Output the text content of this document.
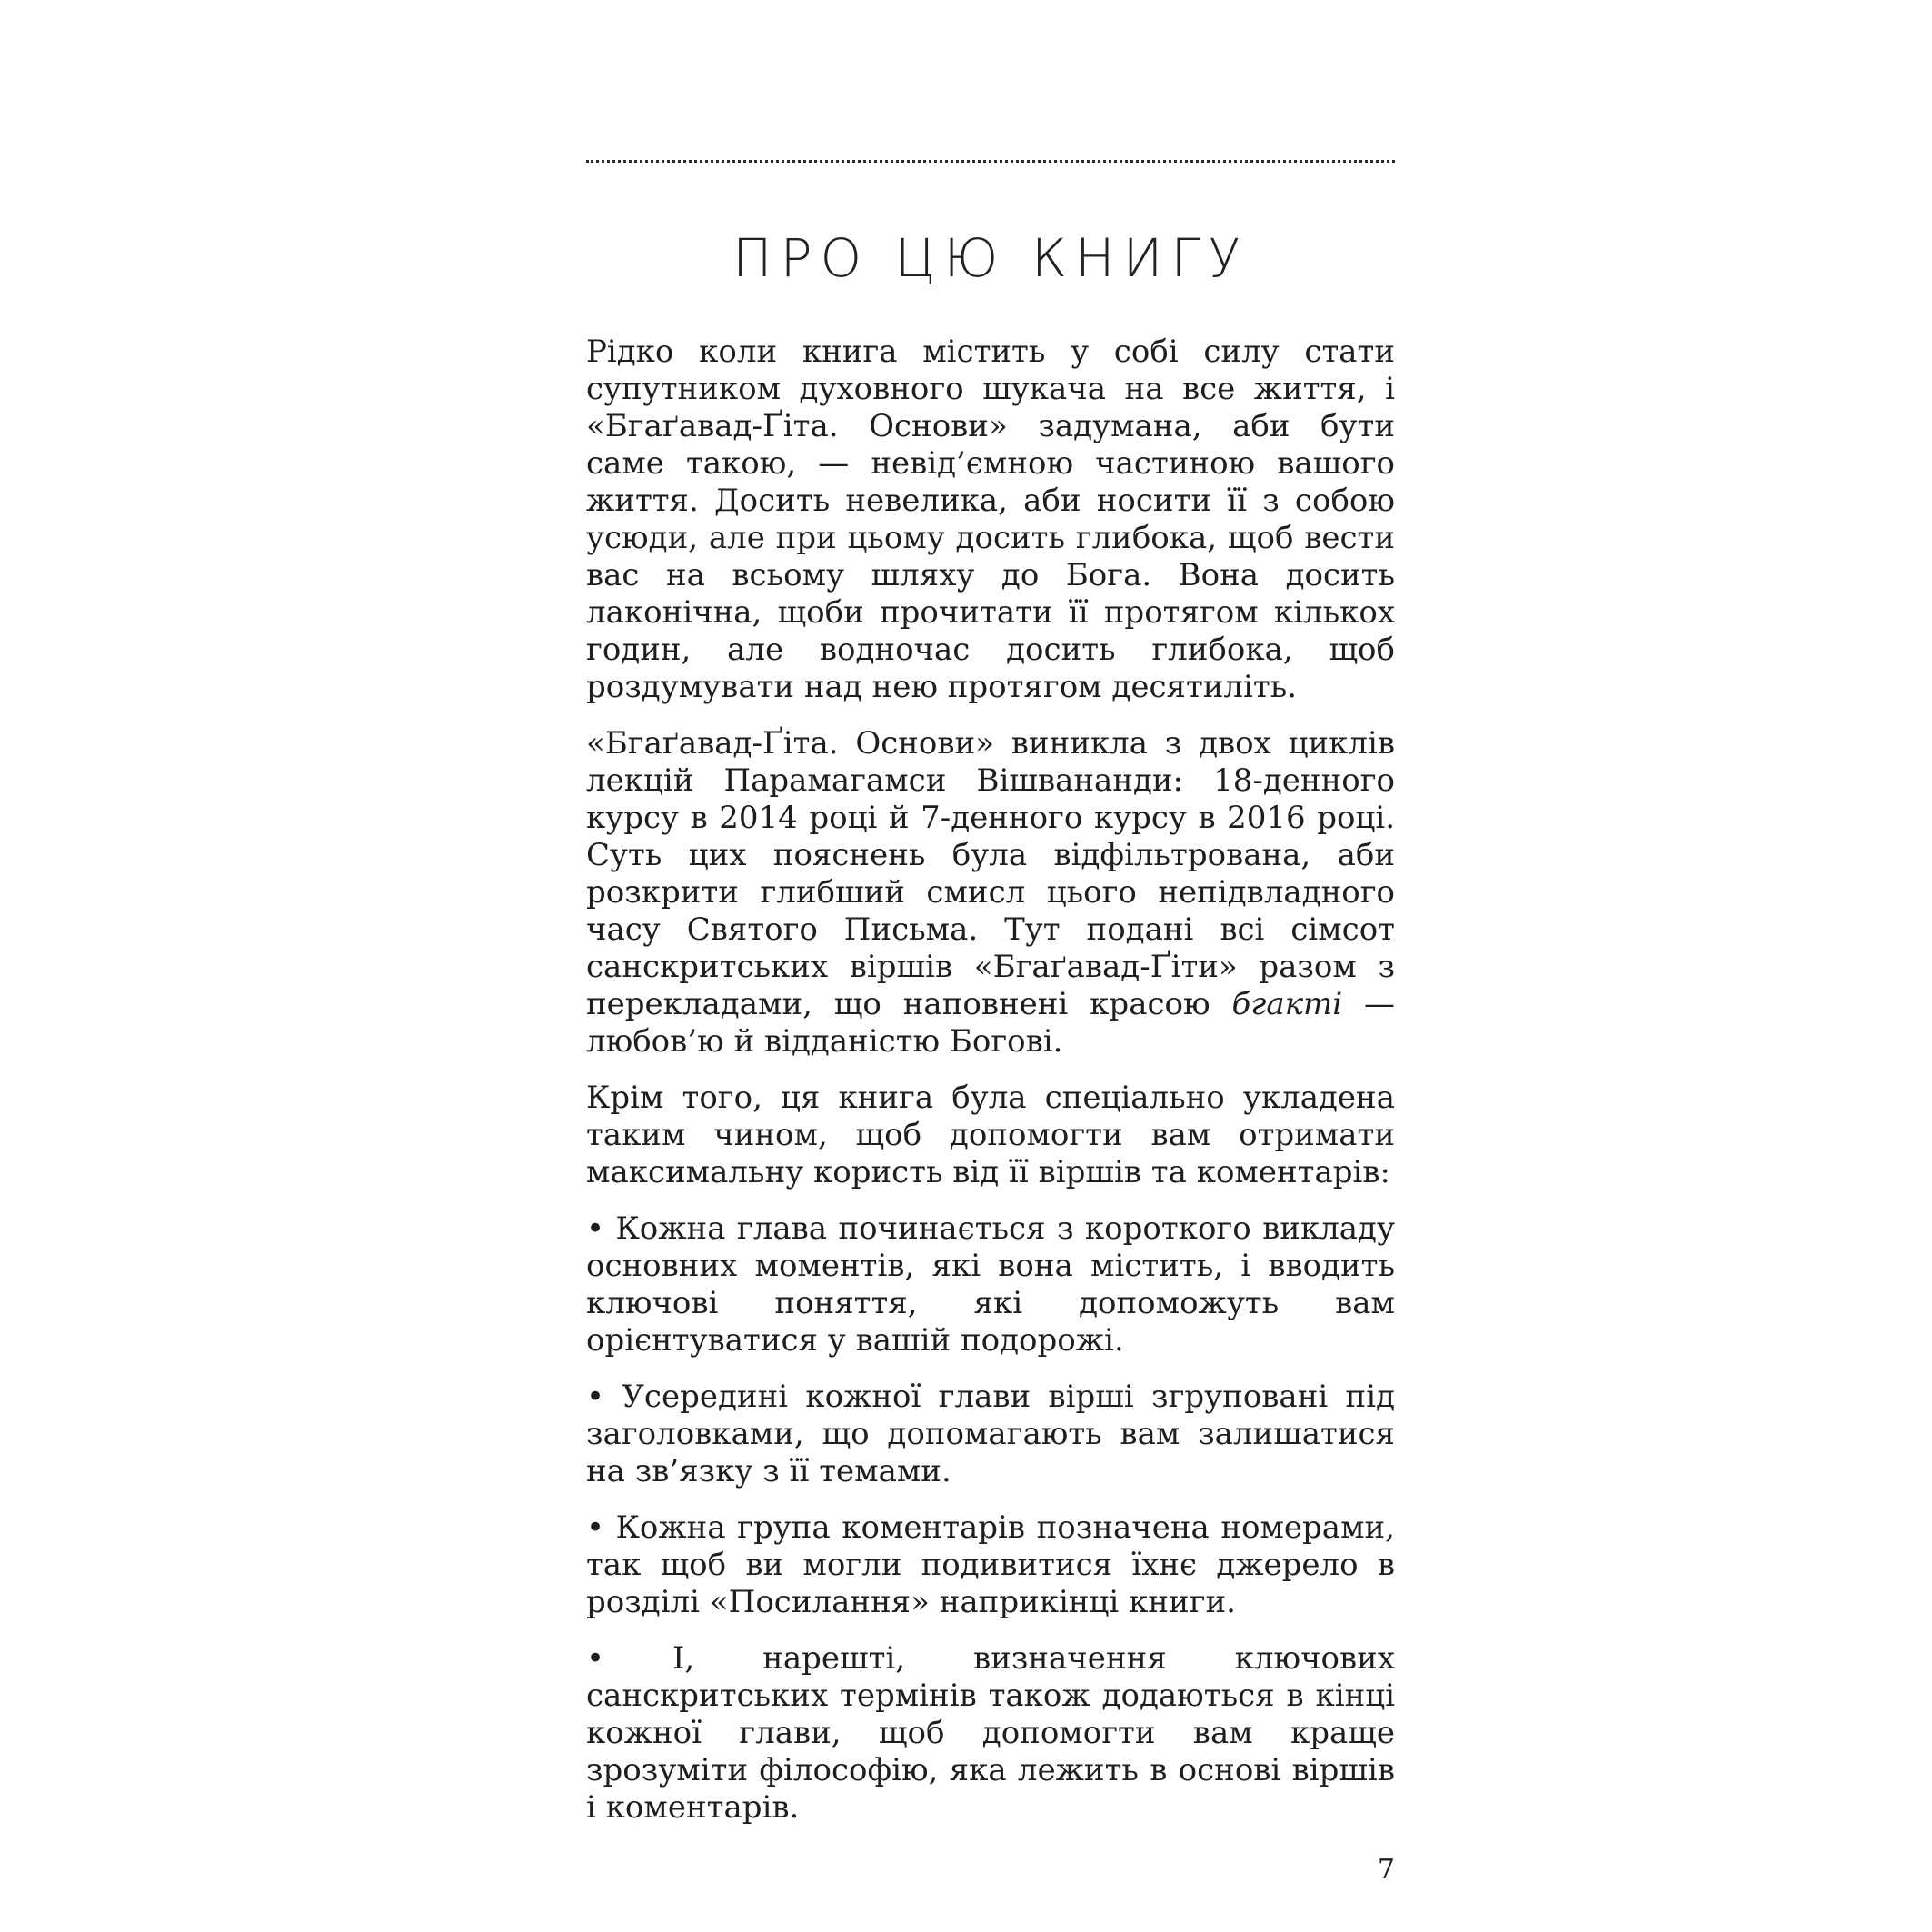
ПРО ЦЮ КНИГУ

Рідко коли книга містить у собі силу стати супутником духовного шукача на все життя, і «Бгаґавад-Ґіта. Основи» задумана, аби бути саме такою, — невід’ємною частиною вашого життя. Досить невелика, аби носити її з собою усюди, але при цьому досить глибока, щоб вести вас на всьому шляху до Бога. Вона досить лаконічна, щоби прочитати її протягом кількох годин, але водночас досить глибока, щоб роздумувати над нею протягом десятиліть.

«Бгаґавад-Ґіта. Основи» виникла з двох циклів лекцій Парамагамси Вішвананди: 18-денного курсу в 2014 році й 7-денного курсу в 2016 році. Суть цих пояснень була відфільтрована, аби розкрити глибший смисл цього непідвладного часу Святого Письма. Тут подані всі сімсот санскритських віршів «Бгаґавад-Ґіти» разом з перекладами, що наповнені красою бгакті — любов’ю й відданістю Богові.

Крім того, ця книга була спеціально укладена таким чином, щоб допомогти вам отримати максимальну користь від її віршів та коментарів:

• Кожна глава починається з короткого викладу основних моментів, які вона містить, і вводить ключові поняття, які допоможуть вам орієнтуватися у вашій подорожі.

• Усередині кожної глави вірші згруповані під заголовками, що допомагають вам залишатися на зв’язку з її темами.

• Кожна група коментарів позначена номерами, так щоб ви могли подивитися їхнє джерело в розділі «Посилання» наприкінці книги.

• І, нарешті, визначення ключових санскритських термінів також додаються в кінці кожної глави, щоб допомогти вам краще зрозуміти філософію, яка лежить в основі віршів і коментарів.

7
